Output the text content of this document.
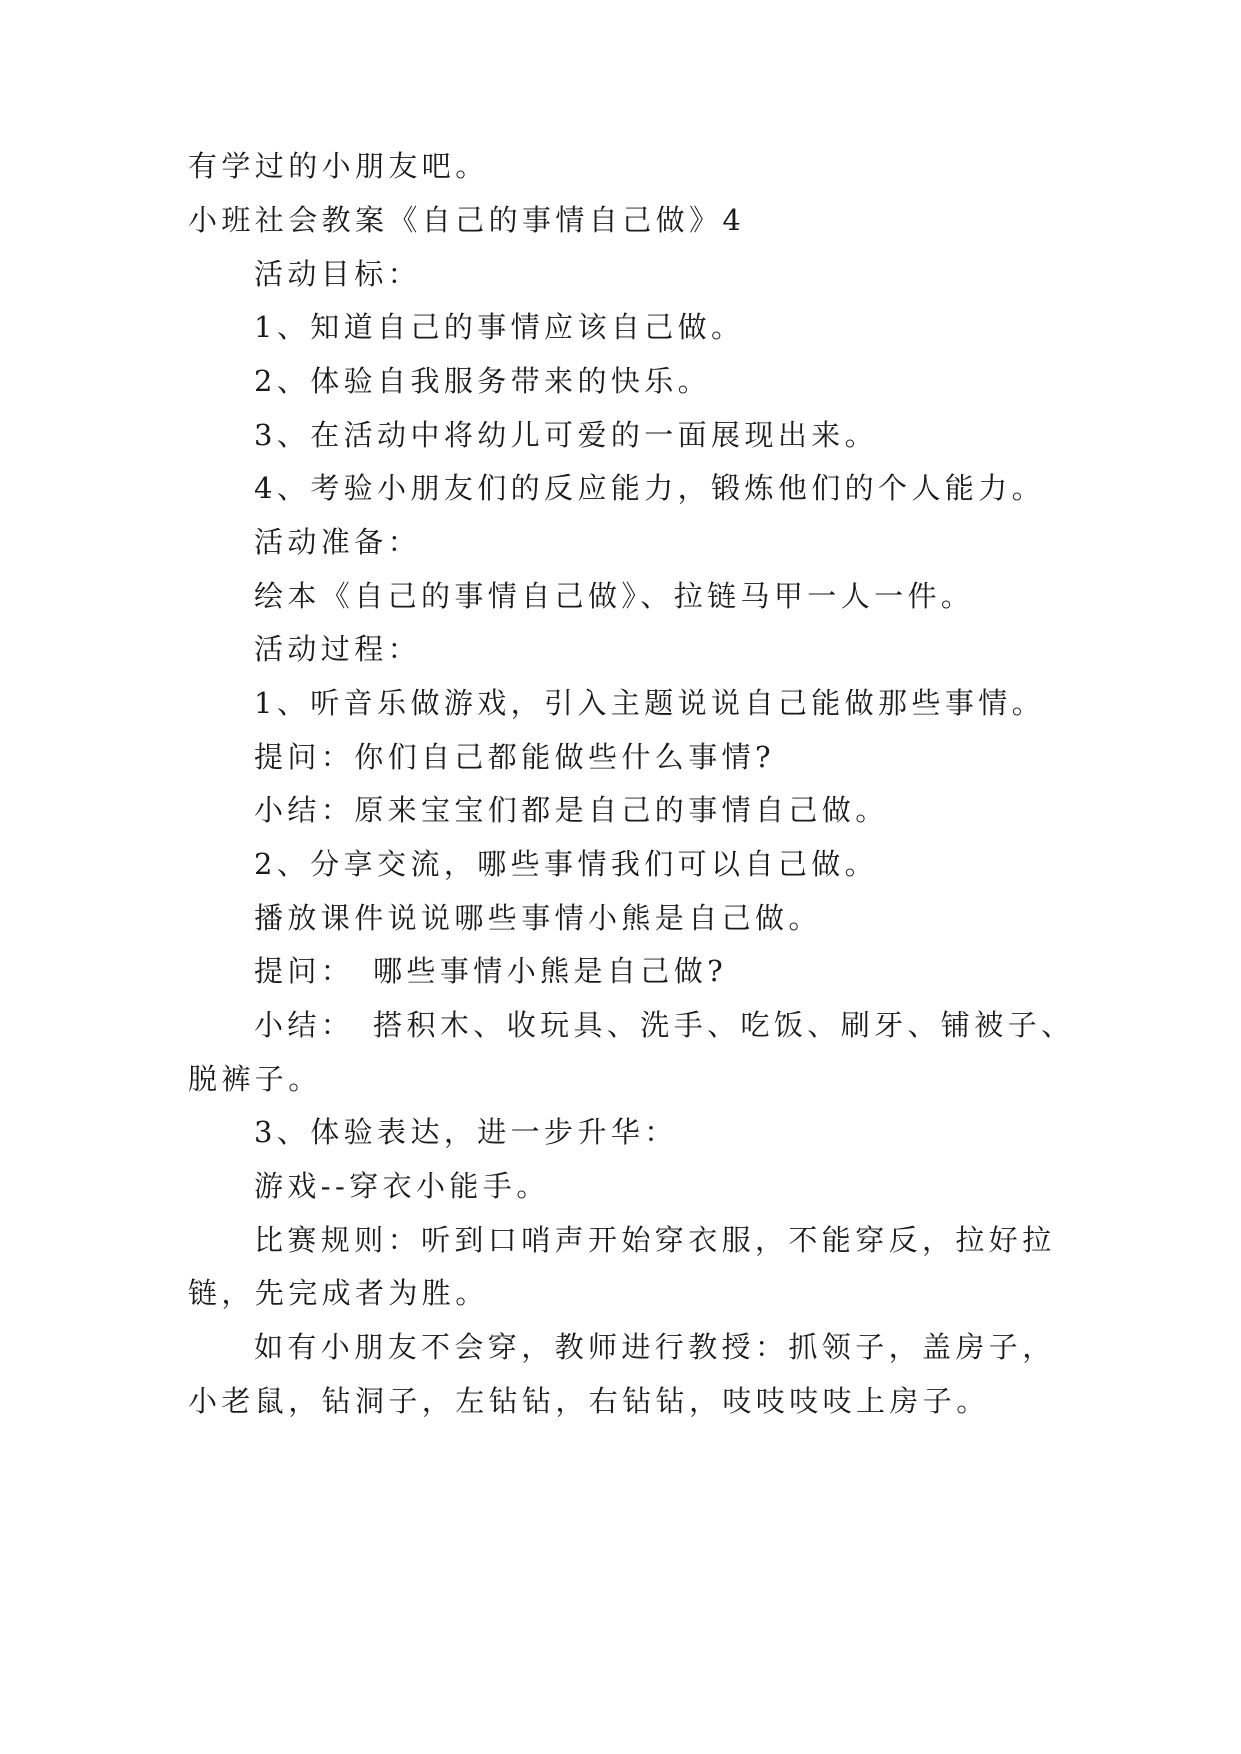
有学过的小朋友吧。
小班社会教案《自己的事情自己做》4
活动目标：
1、知道自己的事情应该自己做。
2、体验自我服务带来的快乐。
3、在活动中将幼儿可爱的一面展现出来。
4、考验小朋友们的反应能力，锻炼他们的个人能力。
活动准备：
绘本《自己的事情自己做》、拉链马甲一人一件。
活动过程：
1、听音乐做游戏，引入主题说说自己能做那些事情。
提问：你们自己都能做些什么事情?
小结：原来宝宝们都是自己的事情自己做。
2、分享交流，哪些事情我们可以自己做。
播放课件说说哪些事情小熊是自己做。
提问：　哪些事情小熊是自己做?
小结：　搭积木、收玩具、洗手、吃饭、刷牙、铺被子、
脱裤子。
3、体验表达，进一步升华：
游戏--穿衣小能手。
比赛规则：听到口哨声开始穿衣服，不能穿反，拉好拉
链，先完成者为胜。
如有小朋友不会穿，教师进行教授：抓领子，盖房子，
小老鼠，钻洞子，左钻钻，右钻钻，吱吱吱吱上房子。
